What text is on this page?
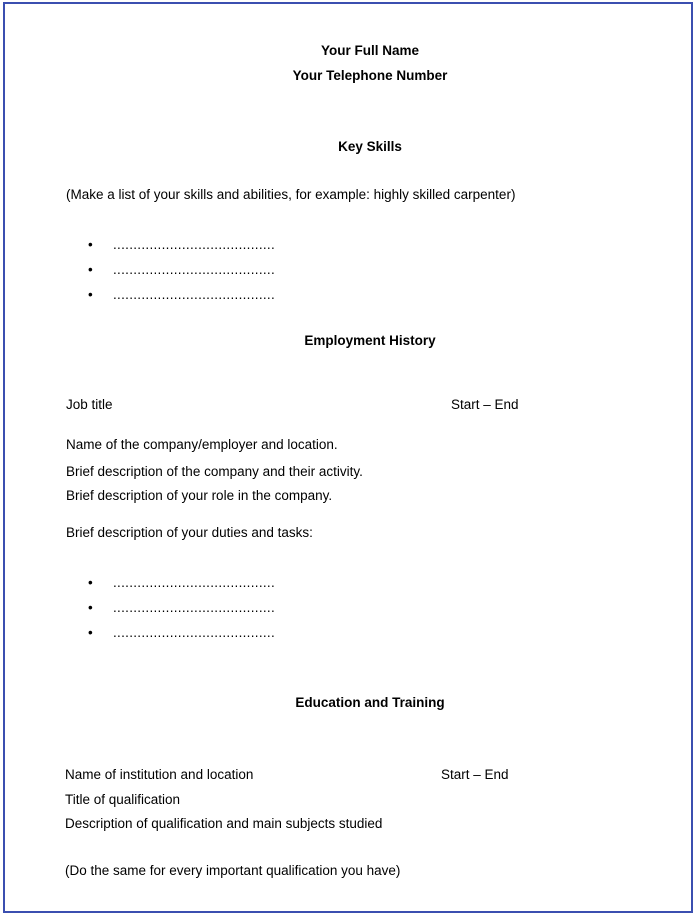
Your Full Name
Your Telephone Number
Key Skills
(Make a list of your skills and abilities, for example: highly skilled carpenter)
• ........................................
• ........................................
• ........................................
Employment History
Job title	Start – End
Name of the company/employer and location.
Brief description of the company and their activity.
Brief description of your role in the company.
Brief description of your duties and tasks:
• ........................................
• ........................................
• ........................................
Education and Training
Name of institution and location	Start – End
Title of qualification
Description of qualification and main subjects studied
(Do the same for every important qualification you have)
